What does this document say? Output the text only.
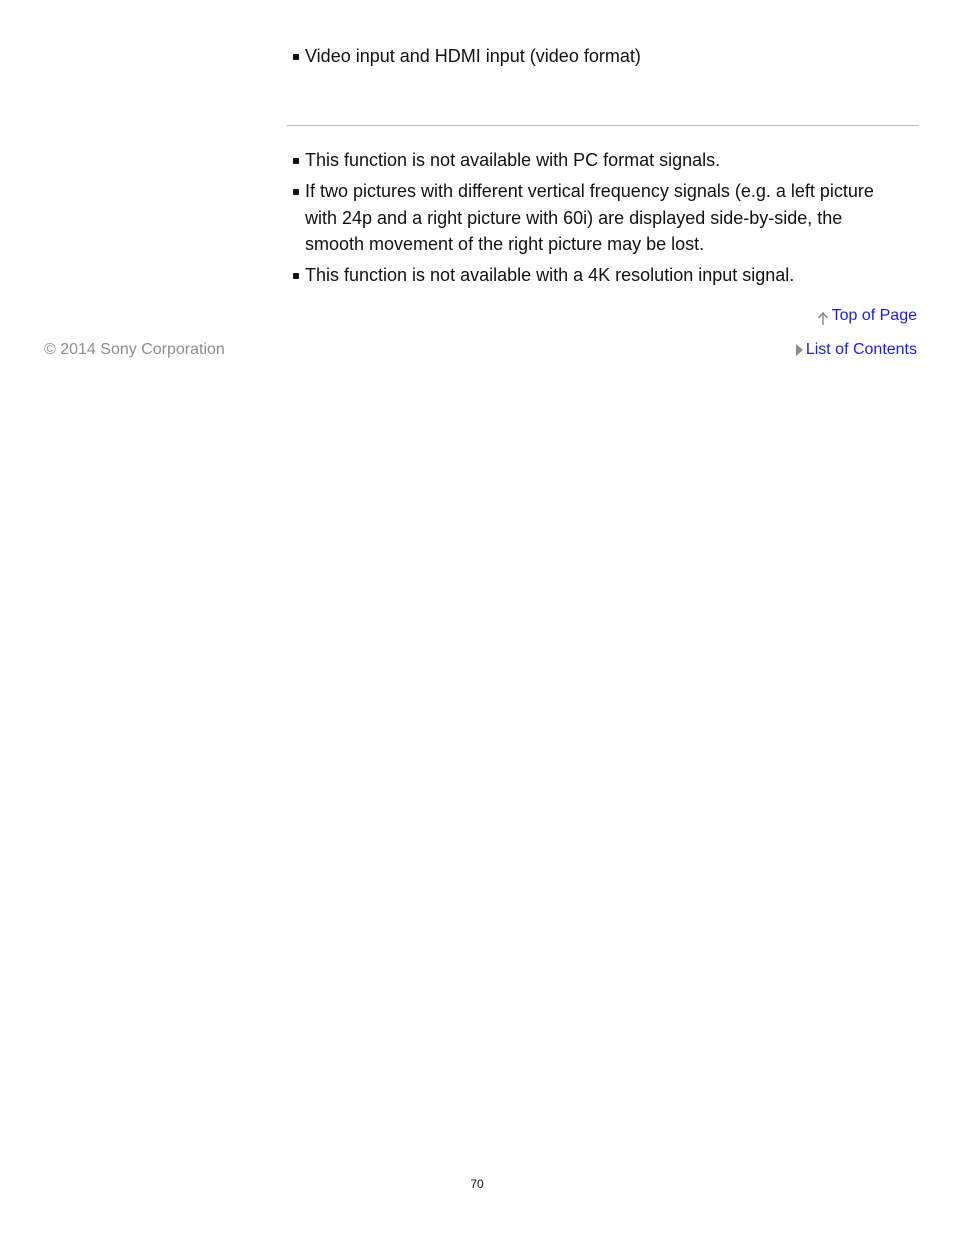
Video input and HDMI input (video format)
This function is not available with PC format signals.
If two pictures with different vertical frequency signals (e.g. a left picture with 24p and a right picture with 60i) are displayed side-by-side, the smooth movement of the right picture may be lost.
This function is not available with a 4K resolution input signal.
Top of Page
© 2014 Sony Corporation	List of Contents
70
